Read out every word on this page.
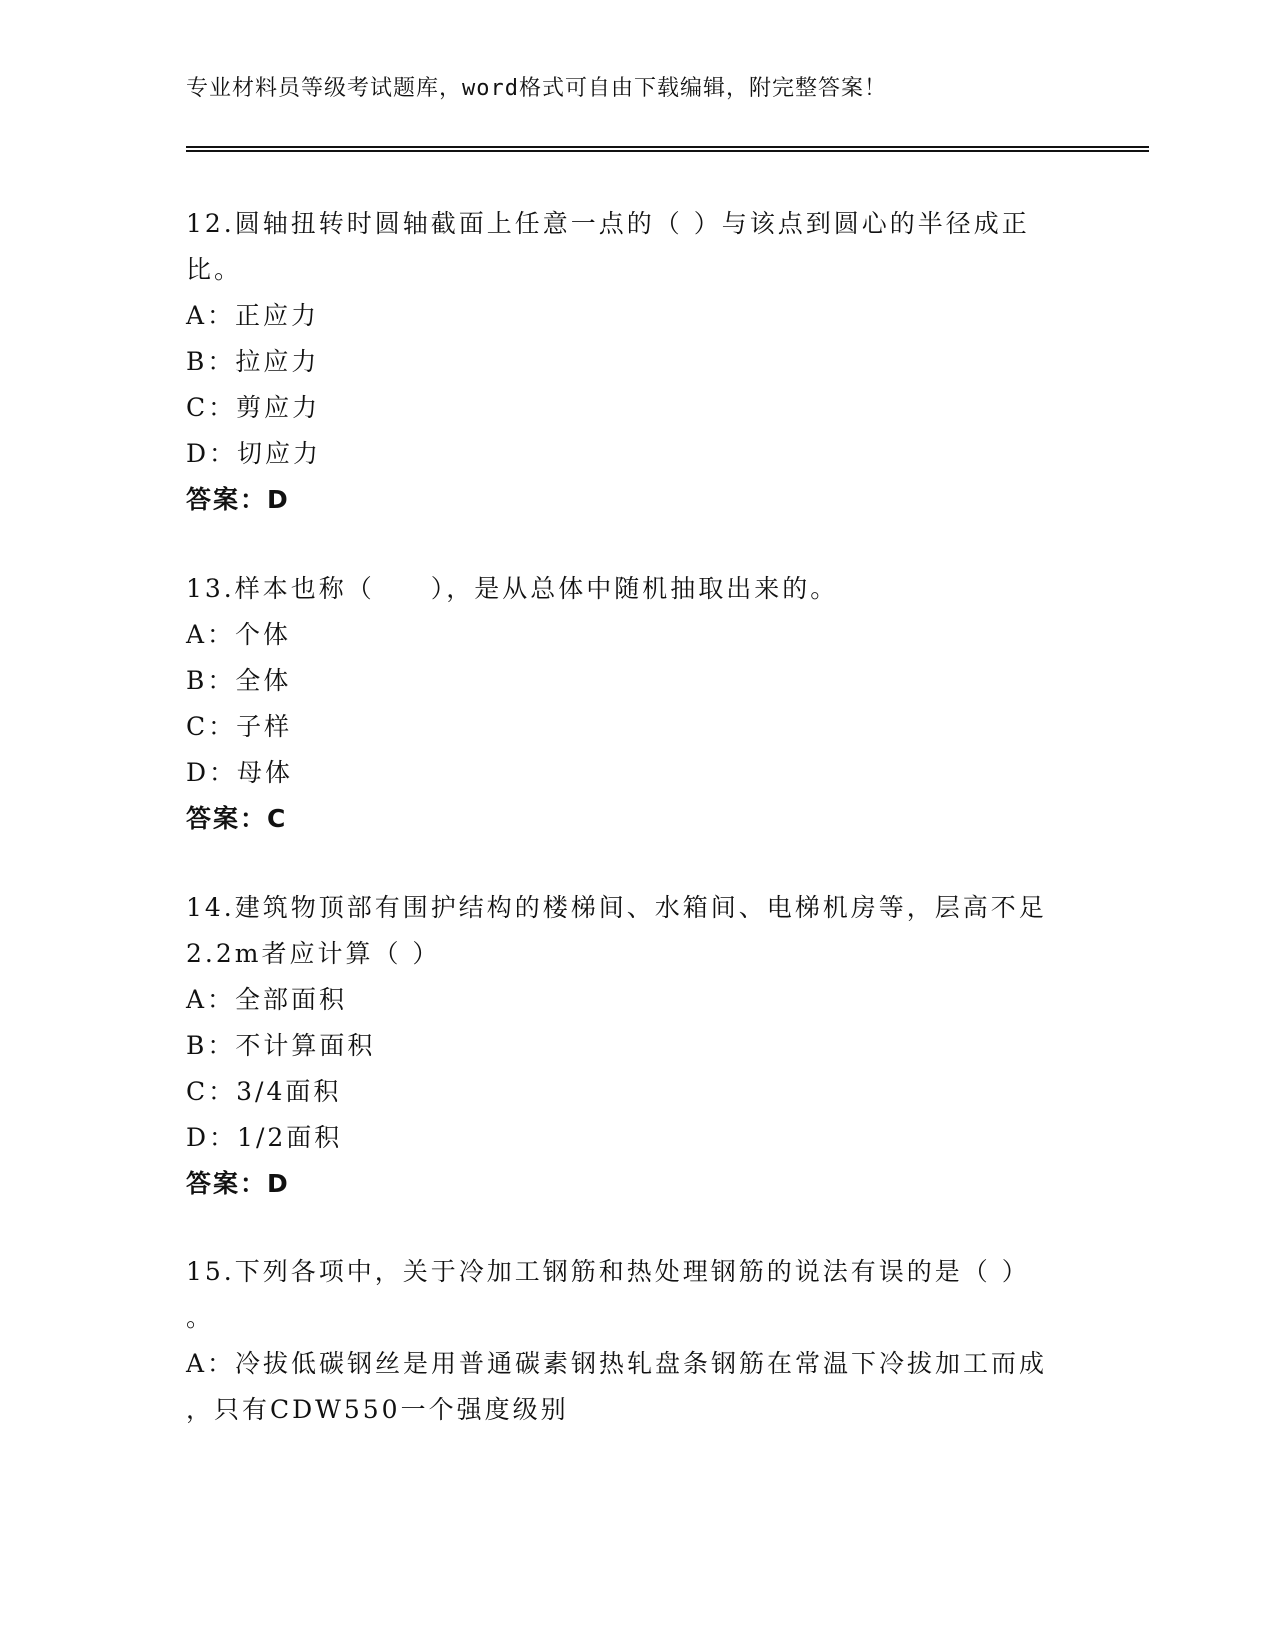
专业材料员等级考试题库，word格式可自由下载编辑，附完整答案！
12.圆轴扭转时圆轴截面上任意一点的（ ）与该点到圆心的半径成正
比。
A：正应力
B：拉应力
C：剪应力
D：切应力
答案：D
13.样本也称（　　），是从总体中随机抽取出来的。
A：个体
B：全体
C：子样
D：母体
答案：C
14.建筑物顶部有围护结构的楼梯间、水箱间、电梯机房等，层高不足
2.2m者应计算（ ）
A：全部面积
B：不计算面积
C：3/4面积
D：1/2面积
答案：D
15.下列各项中，关于冷加工钢筋和热处理钢筋的说法有误的是（ ）
。
A：冷拔低碳钢丝是用普通碳素钢热轧盘条钢筋在常温下冷拔加工而成
，只有CDW550一个强度级别
